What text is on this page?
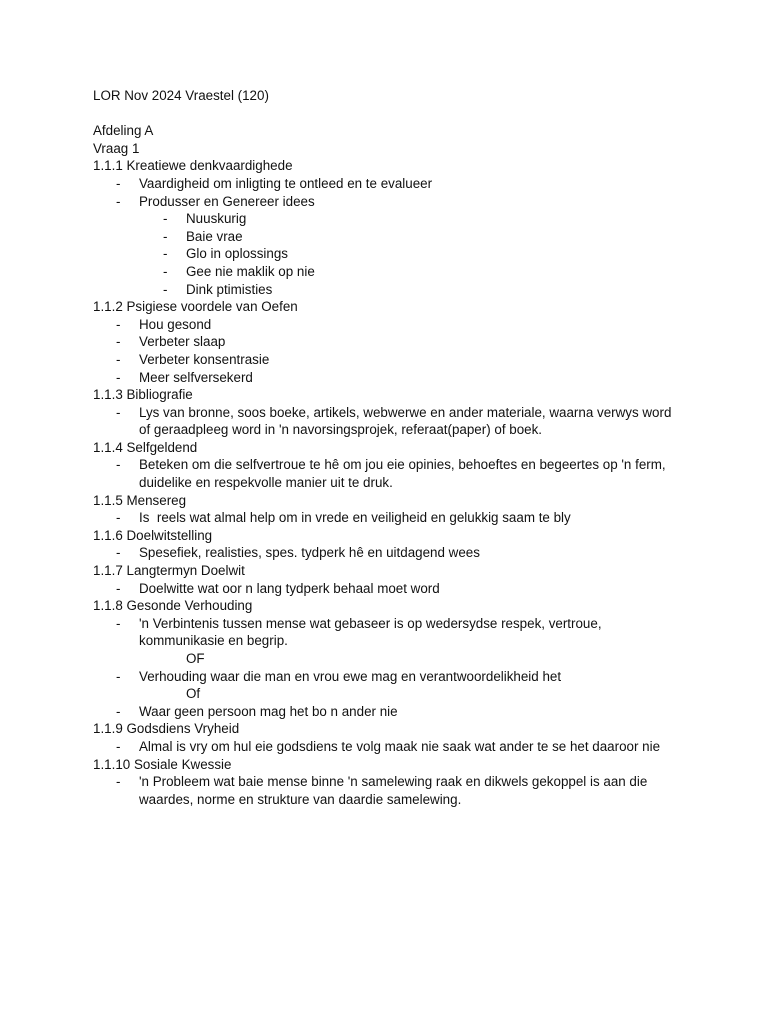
LOR Nov 2024 Vraestel (120)
Afdeling A
Vraag 1
1.1.1 Kreatiewe denkvaardighede
- Vaardigheid om inligting te ontleed en te evalueer
- Produsser en Genereer idees
- Nuuskurig
- Baie vrae
- Glo in oplossings
- Gee nie maklik op nie
- Dink ptimisties
1.1.2 Psigiese voordele van Oefen
- Hou gesond
- Verbeter slaap
- Verbeter konsentrasie
- Meer selfversekerd
1.1.3 Bibliografie
- Lys van bronne, soos boeke, artikels, webwerwe en ander materiale, waarna verwys word of geraadpleeg word in 'n navorsingsprojek, referaat(paper) of boek.
1.1.4 Selfgeldend
- Beteken om die selfvertroue te hê om jou eie opinies, behoeftes en begeertes op 'n ferm, duidelike en respekvolle manier uit te druk.
1.1.5 Mensereg
- Is  reels wat almal help om in vrede en veiligheid en gelukkig saam te bly
1.1.6 Doelwitstelling
- Spesefiek, realisties, spes. tydperk hê en uitdagend wees
1.1.7 Langtermyn Doelwit
- Doelwitte wat oor n lang tydperk behaal moet word
1.1.8 Gesonde Verhouding
- 'n Verbintenis tussen mense wat gebaseer is op wedersydse respek, vertroue, kommunikasie en begrip.
OF
- Verhouding waar die man en vrou ewe mag en verantwoordelikheid het
Of
- Waar geen persoon mag het bo n ander nie
1.1.9 Godsdiens Vryheid
- Almal is vry om hul eie godsdiens te volg maak nie saak wat ander te se het daaroor nie
1.1.10 Sosiale Kwessie
- 'n Probleem wat baie mense binne 'n samelewing raak en dikwels gekoppel is aan die waardes, norme en strukture van daardie samelewing.
